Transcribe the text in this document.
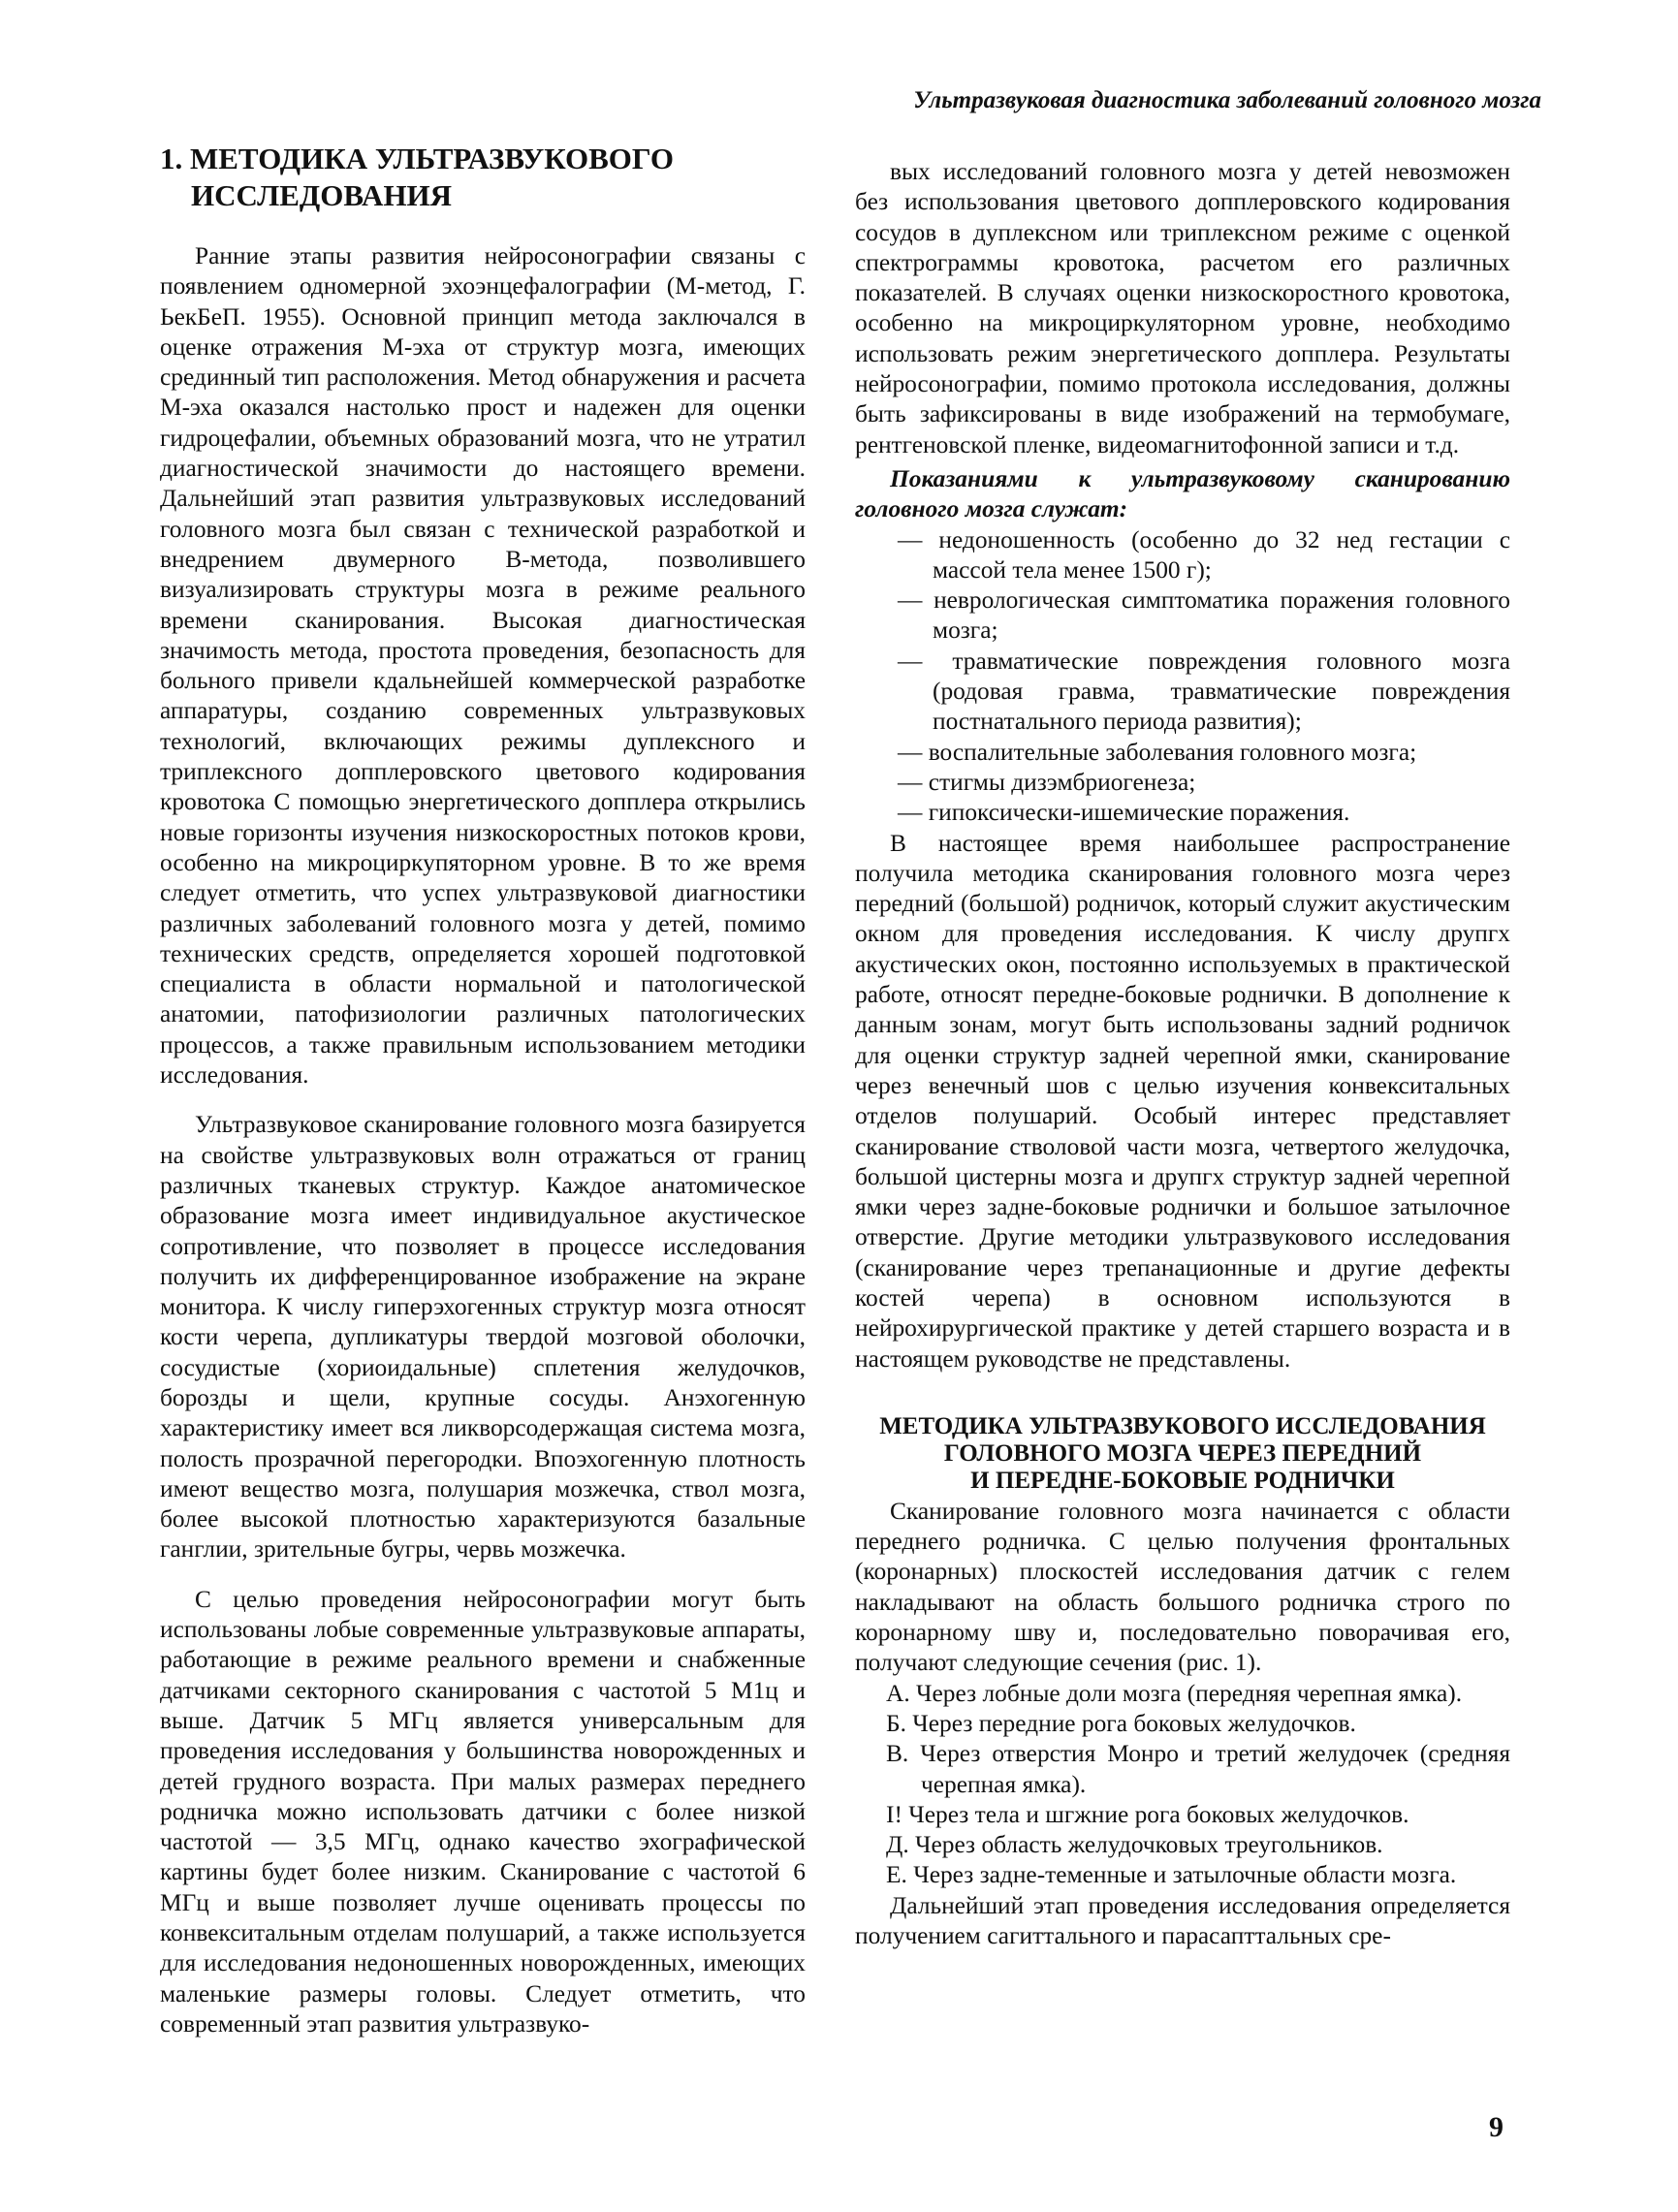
Ультразвуковая диагностика заболеваний головного мозга
1. МЕТОДИКА УЛЬТРАЗВУКОВОГО
ИССЛЕДОВАНИЯ

Ранние этапы развития нейросонографии связаны с появлением одномерной эхоэнцефалографии (М-метод, Г. ЬекБеП. 1955). Основной принцип метода заключался в оценке отражения М-эха от структур мозга, имеющих срединный тип расположения. Метод обнаружения и расчета М-эха оказался настолько прост и надежен для оценки гидроцефалии, объемных образований мозга, что не утратил диагностической значимости до настоящего времени. Дальнейший этап развития ультразвуковых исследований головного мозга был связан с технической разработкой и внедрением двумерного В-метода, позволившего визуализировать структуры мозга в режиме реального времени сканирования. Высокая диагностическая значимость метода, простота проведения, безопасность для больного привели кдальнейшей коммерческой разработке аппаратуры, созданию современных ультразвуковых технологий, включающих режимы дуплексного и триплексного допплеровского цветового кодирования кровотока С помощью энергетического допплера открылись новые горизонты изучения низкоскоростных потоков крови, особенно на микроциркупяторном уровне. В то же время следует отметить, что успех ультразвуковой диагностики различных заболеваний головного мозга у детей, помимо технических средств, определяется хорошей подготовкой специалиста в области нормальной и патологической анатомии, патофизиологии различных патологических процессов, а также правильным использованием методики исследования.

Ультразвуковое сканирование головного мозга базируется на свойстве ультразвуковых волн отражаться от границ различных тканевых структур. Каждое анатомическое образование мозга имеет индивидуальное акустическое сопротивление, что позволяет в процессе исследования получить их дифференцированное изображение на экране монитора. К числу гиперэхогенных структур мозга относят кости черепа, дупликатуры твердой мозговой оболочки, сосудистые (хориоидальные) сплетения желудочков, борозды и щели, крупные сосуды. Анэхогенную характеристику имеет вся ликворсодержащая система мозга, полость прозрачной перегородки. Впоэхогенную плотность имеют вещество мозга, полушария мозжечка, ствол мозга, более высокой плотностью характеризуются базальные ганглии, зрительные бугры, червь мозжечка.

С целью проведения нейросонографии могут быть использованы лобые современные ультразвуковые аппараты, работающие в режиме реального времени и снабженные датчиками секторного сканирования с частотой 5 М1ц и выше. Датчик 5 МГц является универсальным для проведения исследования у большинства новорожденных и детей грудного возраста. При малых размерах переднего родничка можно использовать датчики с более низкой частотой — 3,5 МГц, однако качество эхографической картины будет более низким. Сканирование с частотой 6 МГц и выше позволяет лучше оценивать процессы по конвекситальным отделам полушарий, а также используется для исследования недоношенных новорожденных, имеющих маленькие размеры головы. Следует отметить, что современный этап развития ультразвуко-

вых исследований головного мозга у детей невозможен без использования цветового допплеровского кодирования сосудов в дуплексном или триплексном режиме с оценкой спектрограммы кровотока, расчетом его различных показателей. В случаях оценки низкоскоростного кровотока, особенно на микроциркуляторном уровне, необходимо использовать режим энергетического допплера. Результаты нейросонографии, помимо протокола исследования, должны быть зафиксированы в виде изображений на термобумаге, рентгеновской пленке, видеомагнитофонной записи и т.д.

Показаниями к ультразвуковому сканированию головного мозга служат:

— недоношенность (особенно до 32 нед гестации с массой тела менее 1500 г);
— неврологическая симптоматика поражения головного мозга;
— травматические повреждения головного мозга (родовая гравма, травматические повреждения постнатального периода развития);
— воспалительные заболевания головного мозга;
— стигмы дизэмбриогенеза;
— гипоксически-ишемические поражения.

В настоящее время наибольшее распространение получила методика сканирования головного мозга через передний (большой) родничок, который служит акустическим окном для проведения исследования. К числу друпгх акустических окон, постоянно используемых в практической работе, относят передне-боковые роднички. В дополнение к данным зонам, могут быть использованы задний родничок для оценки структур задней черепной ямки, сканирование через венечный шов с целью изучения конвекситальных отделов полушарий. Особый интерес представляет сканирование стволовой части мозга, четвертого желудочка, большой цистерны мозга и друпгх структур задней черепной ямки через задне-боковые роднички и большое затылочное отверстие. Другие методики ультразвукового исследования (сканирование через трепанационные и другие дефекты костей черепа) в основном используются в нейрохирургической практике у детей старшего возраста и в настоящем руководстве не представлены.

МЕТОДИКА УЛЬТРАЗВУКОВОГО ИССЛЕДОВАНИЯ
ГОЛОВНОГО МОЗГА ЧЕРЕЗ ПЕРЕДНИЙ
И ПЕРЕДНЕ-БОКОВЫЕ РОДНИЧКИ

Сканирование головного мозга начинается с области переднего родничка. С целью получения фронтальных (коронарных) плоскостей исследования датчик с гелем накладывают на область большого родничка строго по коронарному шву и, последовательно поворачивая его, получают следующие сечения (рис. 1).

А. Через лобные доли мозга (передняя черепная ямка).
Б. Через передние рога боковых желудочков.
В. Через отверстия Монро и третий желудочек (средняя черепная ямка).
I! Через тела и шгжние рога боковых желудочков.
Д. Через область желудочковых треугольников.
Е. Через задне-теменные и затылочные области мозга.

Дальнейший этап проведения исследования определяется получением сагиттального и парасапттальных сре-

9
